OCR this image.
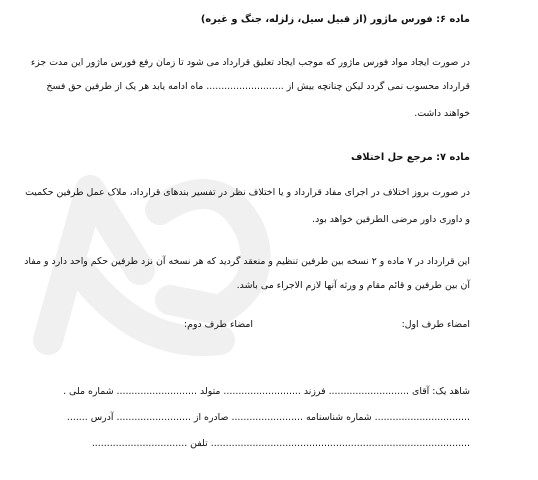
ماده ۶: فورس ماژور (از قبیل سیل، زلزله، جنگ و غیره)
در صورت ایجاد مواد فورس ماژور که موجب ایجاد تعلیق قرارداد می شود تا زمان رفع فورس ماژور این مدت جزء
قرارداد محسوب نمی گردد لیکن چنانچه بیش از .......................... ماه ادامه یابد هر یک از طرفین حق فسخ
خواهند داشت.
ماده ۷: مرجع حل اختلاف
در صورت بروز اختلاف در اجرای مفاد قرارداد و یا اختلاف نظر در تفسیر بندهای قرارداد، ملاک عمل طرفین حکمیت
و داوری داور مرضی الطرفین خواهد بود.
این قرارداد در ۷ ماده و ۲ نسخه بین طرفین تنظیم و منعقد گردید که هر نسخه آن نزد طرفین حکم واحد دارد و مفاد
آن بین طرفین و قائم مقام و ورثه آنها لازم الاجراء می باشد.
امضاء طرف اول:
امضاء طرف دوم:
شاهد یک: آقای ........................... فرزند .......................... متولد ........................... شماره ملی .
................................ شماره شناسنامه ........................ صادره از ......................... آدرس .......
....................................................................................... تلفن ................................
